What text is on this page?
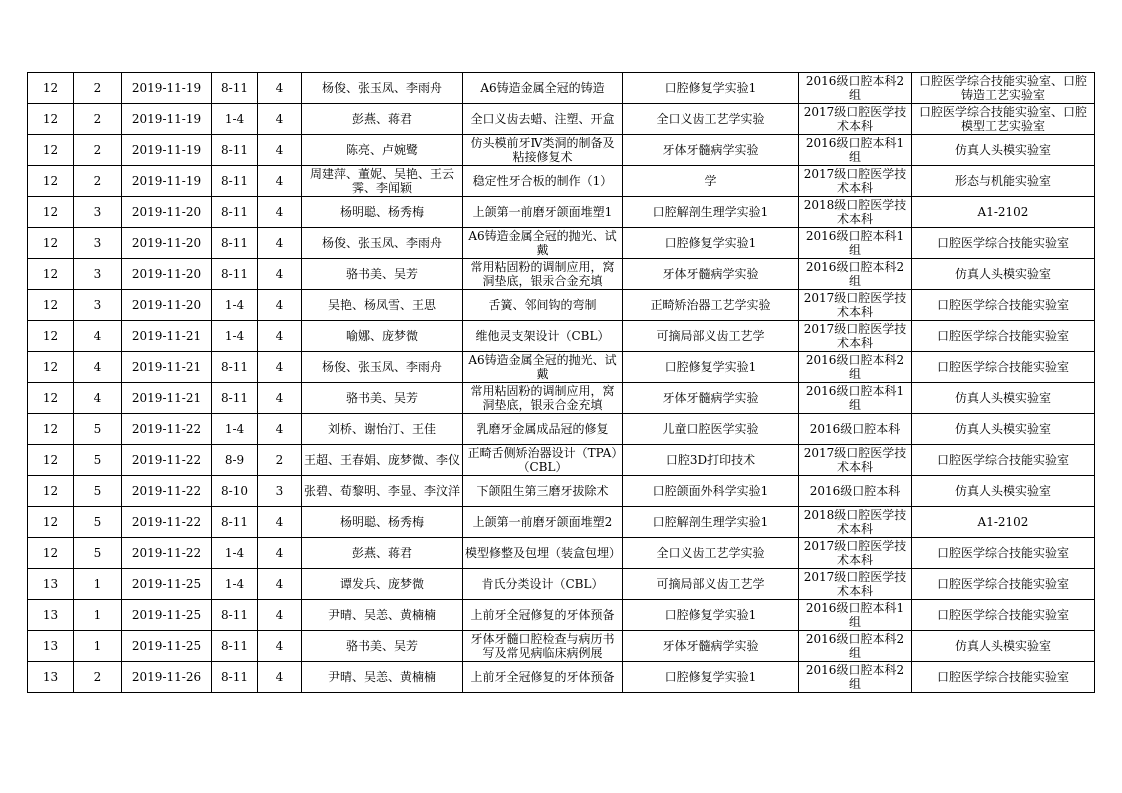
12	2	2019-11-19	8-11	4	杨俊、张玉凤、李雨舟	A6铸造金属全冠的铸造	口腔修复学实验1	2016级口腔本科2组	口腔医学综合技能实验室、口腔铸造工艺实验室
12	2	2019-11-19	1-4	4	彭燕、蒋君	全口义齿去蜡、注塑、开盒	全口义齿工艺学实验	2017级口腔医学技术本科	口腔医学综合技能实验室、口腔模型工艺实验室
12	2	2019-11-19	8-11	4	陈亮、卢婉鹭	仿头模前牙Ⅳ类洞的制备及粘接修复术	牙体牙髓病学实验	2016级口腔本科1组	仿真人头模实验室
12	2	2019-11-19	8-11	4	周建萍、董妮、吴艳、王云霁、李闻颖	稳定性牙合板的制作（1）	学	2017级口腔医学技术本科	形态与机能实验室
12	3	2019-11-20	8-11	4	杨明聪、杨秀梅	上颌第一前磨牙颌面堆塑1	口腔解剖生理学实验1	2018级口腔医学技术本科	A1-2102
12	3	2019-11-20	8-11	4	杨俊、张玉凤、李雨舟	A6铸造金属全冠的抛光、试戴	口腔修复学实验1	2016级口腔本科1组	口腔医学综合技能实验室
12	3	2019-11-20	8-11	4	骆书美、吴芳	常用粘固粉的调制应用，窝洞垫底，银汞合金充填	牙体牙髓病学实验	2016级口腔本科2组	仿真人头模实验室
12	3	2019-11-20	1-4	4	吴艳、杨凤雪、王思	舌簧、邻间钩的弯制	正畸矫治器工艺学实验	2017级口腔医学技术本科	口腔医学综合技能实验室
12	4	2019-11-21	1-4	4	喻娜、庞梦微	维他灵支架设计（CBL）	可摘局部义齿工艺学	2017级口腔医学技术本科	口腔医学综合技能实验室
12	4	2019-11-21	8-11	4	杨俊、张玉凤、李雨舟	A6铸造金属全冠的抛光、试戴	口腔修复学实验1	2016级口腔本科2组	口腔医学综合技能实验室
12	4	2019-11-21	8-11	4	骆书美、吴芳	常用粘固粉的调制应用，窝洞垫底，银汞合金充填	牙体牙髓病学实验	2016级口腔本科1组	仿真人头模实验室
12	5	2019-11-22	1-4	4	刘桥、谢怡汀、王佳	乳磨牙金属成品冠的修复	儿童口腔医学实验	2016级口腔本科	仿真人头模实验室
12	5	2019-11-22	8-9	2	王超、王春娟、庞梦微、李仪	正畸舌侧矫治器设计（TPA）（CBL）	口腔3D打印技术	2017级口腔医学技术本科	口腔医学综合技能实验室
12	5	2019-11-22	8-10	3	张碧、荀黎明、李显、李汶洋	下颌阻生第三磨牙拔除术	口腔颌面外科学实验1	2016级口腔本科	仿真人头模实验室
12	5	2019-11-22	8-11	4	杨明聪、杨秀梅	上颌第一前磨牙颌面堆塑2	口腔解剖生理学实验1	2018级口腔医学技术本科	A1-2102
12	5	2019-11-22	1-4	4	彭燕、蒋君	模型修整及包埋（装盒包埋）	全口义齿工艺学实验	2017级口腔医学技术本科	口腔医学综合技能实验室
13	1	2019-11-25	1-4	4	谭发兵、庞梦微	肯氏分类设计（CBL）	可摘局部义齿工艺学	2017级口腔医学技术本科	口腔医学综合技能实验室
13	1	2019-11-25	8-11	4	尹晴、吴恙、黄楠楠	上前牙全冠修复的牙体预备	口腔修复学实验1	2016级口腔本科1组	口腔医学综合技能实验室
13	1	2019-11-25	8-11	4	骆书美、吴芳	牙体牙髓口腔检查与病历书写及常见病临床病例展	牙体牙髓病学实验	2016级口腔本科2组	仿真人头模实验室
13	2	2019-11-26	8-11	4	尹晴、吴恙、黄楠楠	上前牙全冠修复的牙体预备	口腔修复学实验1	2016级口腔本科2组	口腔医学综合技能实验室
